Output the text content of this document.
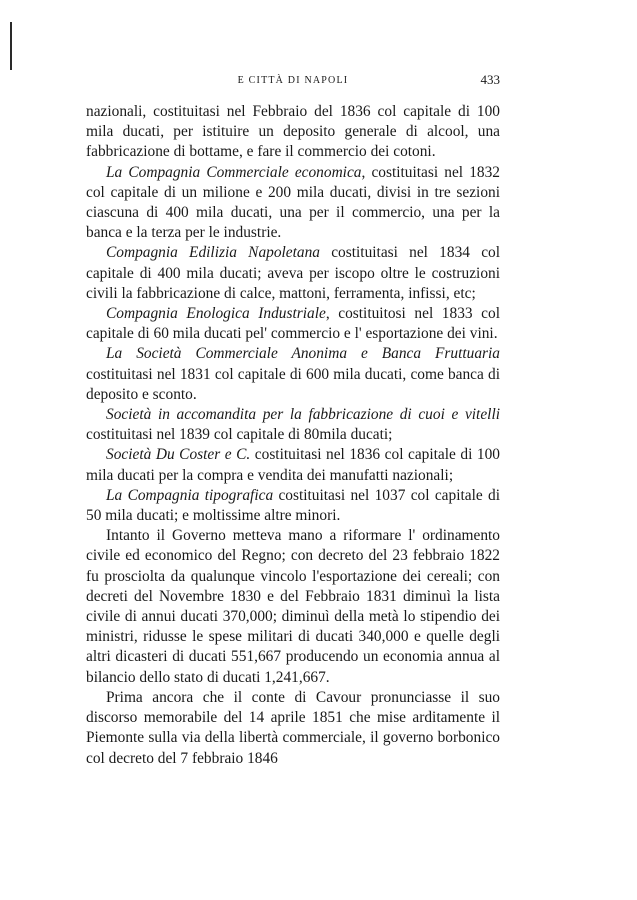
E CITTÀ DI NAPOLI	433

nazionali, costituitasi nel Febbraio del 1836 col capitale di 100 mila ducati, per istituire un deposito generale di alcool, una fabbricazione di bottame, e fare il commercio dei cotoni.

La Compagnia Commerciale economica, costituitasi nel 1832 col capitale di un milione e 200 mila ducati, divisi in tre sezioni ciascuna di 400 mila ducati, una per il commercio, una per la banca e la terza per le industrie.

Compagnia Edilizia Napoletana costituitasi nel 1834 col capitale di 400 mila ducati; aveva per iscopo oltre le costruzioni civili la fabbricazione di calce, mattoni, ferramenta, infissi, etc;

Compagnia Enologica Industriale, costituitosi nel 1833 col capitale di 60 mila ducati pel' commercio e l' esportazione dei vini.

La Società Commerciale Anonima e Banca Fruttuaria costituitasi nel 1831 col capitale di 600 mila ducati, come banca di deposito e sconto.

Società in accomandita per la fabbricazione di cuoi e vitelli costituitasi nel 1839 col capitale di 80mila ducati;

Società Du Coster e C. costituitasi nel 1836 col capitale di 100 mila ducati per la compra e vendita dei manufatti nazionali;

La Compagnia tipografica costituitasi nel 1037 col capitale di 50 mila ducati; e moltissime altre minori.

Intanto il Governo metteva mano a riformare l' ordinamento civile ed economico del Regno; con decreto del 23 febbraio 1822 fu prosciolta da qualunque vincolo l'esportazione dei cereali; con decreti del Novembre 1830 e del Febbraio 1831 diminuì la lista civile di annui ducati 370,000; diminuì della metà lo stipendio dei ministri, ridusse le spese militari di ducati 340,000 e quelle degli altri dicasteri di ducati 551,667 producendo un economia annua al bilancio dello stato di ducati 1,241,667.

Prima ancora che il conte di Cavour pronunciasse il suo discorso memorabile del 14 aprile 1851 che mise arditamente il Piemonte sulla via della libertà commerciale, il governo borbonico col decreto del 7 febbraio 1846
